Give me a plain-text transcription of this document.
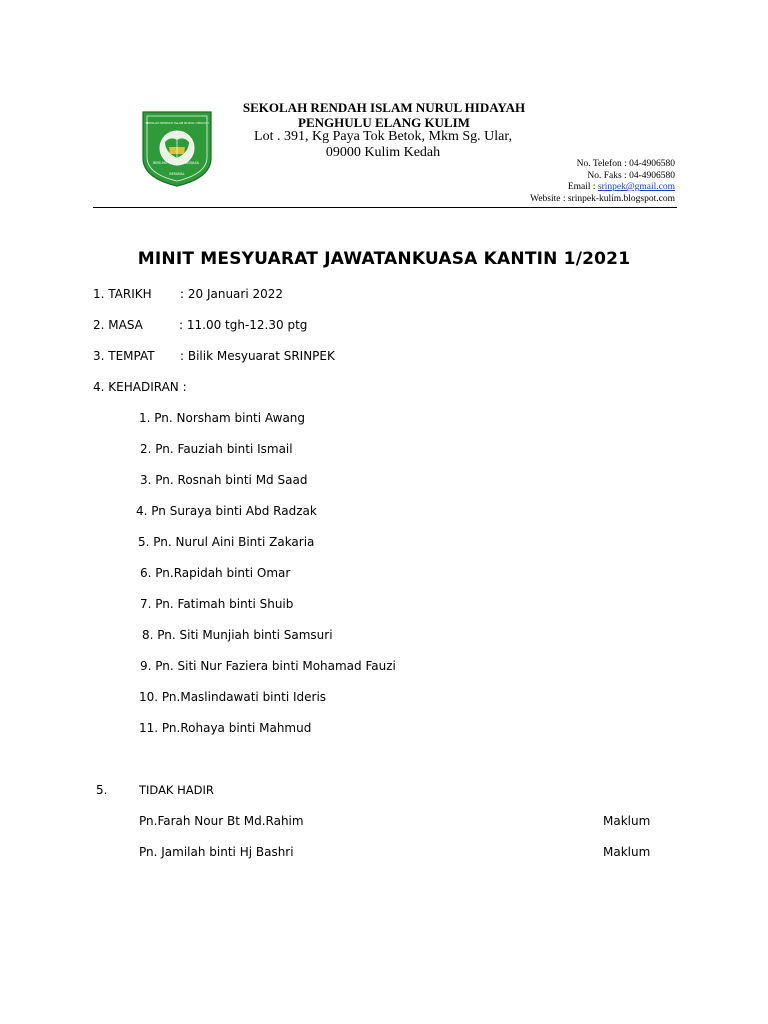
SEKOLAH RENDAH ISLAM NURUL HIDAYAH
BERILMU
BERAMAL
BERJASA
SEKOLAH RENDAH ISLAM NURUL HIDAYAH
PENGHULU ELANG KULIM
Lot . 391, Kg Paya Tok Betok, Mkm Sg. Ular,
09000 Kulim Kedah
No. Telefon : 04-4906580
No. Faks : 04-4906580
Email : srinpek@gmail.com
Website : srinpek-kulim.blogspot.com
MINIT MESYUARAT JAWATANKUASA KANTIN 1/2021
1. TARIKH : 20 Januari 2022
2. MASA	: 11.00 tgh-12.30 ptg
3. TEMPAT : Bilik Mesyuarat SRINPEK
4. KEHADIRAN :
1. Pn. Norsham binti Awang
2. Pn. Fauziah binti Ismail
3. Pn. Rosnah binti Md Saad
4. Pn Suraya binti Abd Radzak
5. Pn. Nurul Aini Binti Zakaria
6. Pn.Rapidah binti Omar
7. Pn. Fatimah binti Shuib
8. Pn. Siti Munjiah binti Samsuri
9. Pn. Siti Nur Faziera binti Mohamad Fauzi
10. Pn.Maslindawati binti Ideris
11. Pn.Rohaya binti Mahmud
5.	TIDAK HADIR
Pn.Farah Nour Bt Md.Rahim	Maklum
Pn. Jamilah binti Hj Bashri	Maklum
